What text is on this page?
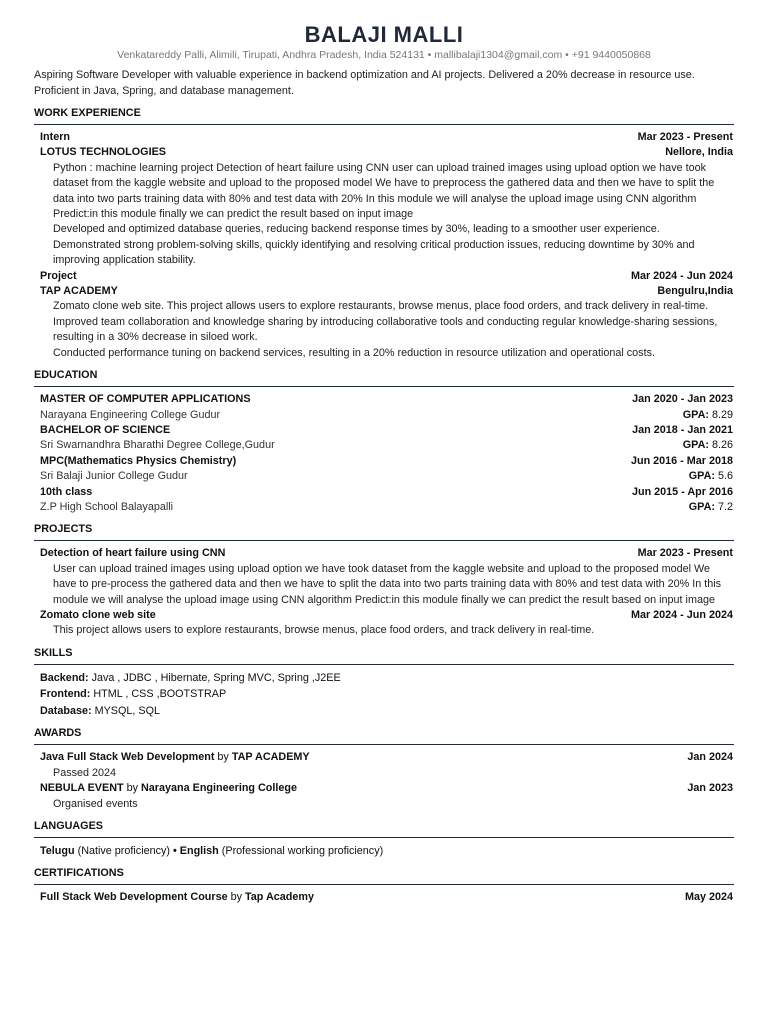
BALAJI MALLI
Venkatareddy Palli, Alimili, Tirupati, Andhra Pradesh, India 524131 • mallibalaji1304@gmail.com • +91 9440050868
Aspiring Software Developer with valuable experience in backend optimization and AI projects. Delivered a 20% decrease in resource use. Proficient in Java, Spring, and database management.
WORK EXPERIENCE
Intern	Mar 2023 - Present
LOTUS TECHNOLOGIES	Nellore, India
Python : machine learning project Detection of heart failure using CNN user can upload trained images using upload option we have took dataset from the kaggle website and upload to the proposed model We have to preprocess the gathered data and then we have to split the data into two parts training data with 80% and test data with 20% In this module we will analyse the upload image using CNN algorithm Predict:in this module finally we can predict the result based on input image
Developed and optimized database queries, reducing backend response times by 30%, leading to a smoother user experience.
Demonstrated strong problem-solving skills, quickly identifying and resolving critical production issues, reducing downtime by 30% and improving application stability.
Project	Mar 2024 - Jun 2024
TAP ACADEMY	Bengulru,India
Zomato clone web site. This project allows users to explore restaurants, browse menus, place food orders, and track delivery in real-time.
Improved team collaboration and knowledge sharing by introducing collaborative tools and conducting regular knowledge-sharing sessions, resulting in a 30% decrease in siloed work.
Conducted performance tuning on backend services, resulting in a 20% reduction in resource utilization and operational costs.
EDUCATION
MASTER OF COMPUTER APPLICATIONS	Jan 2020 - Jan 2023
Narayana Engineering College Gudur	GPA: 8.29
BACHELOR OF SCIENCE	Jan 2018 - Jan 2021
Sri Swarnandhra Bharathi Degree College,Gudur	GPA: 8.26
MPC(Mathematics Physics Chemistry)	Jun 2016 - Mar 2018
Sri Balaji Junior College Gudur	GPA: 5.6
10th class	Jun 2015 - Apr 2016
Z.P High School Balayapalli	GPA: 7.2
PROJECTS
Detection of heart failure using CNN	Mar 2023 - Present
User can upload trained images using upload option we have took dataset from the kaggle website and upload to the proposed model We have to pre-process the gathered data and then we have to split the data into two parts training data with 80% and test data with 20% In this module we will analyse the upload image using CNN algorithm Predict:in this module finally we can predict the result based on input image
Zomato clone web site	Mar 2024 - Jun 2024
This project allows users to explore restaurants, browse menus, place food orders, and track delivery in real-time.
SKILLS
Backend: Java , JDBC , Hibernate, Spring MVC, Spring ,J2EE
Frontend: HTML , CSS ,BOOTSTRAP
Database: MYSQL, SQL
AWARDS
Java Full Stack Web Development by TAP ACADEMY	Jan 2024
Passed 2024
NEBULA EVENT by Narayana Engineering College	Jan 2023
Organised events
LANGUAGES
Telugu (Native proficiency) • English (Professional working proficiency)
CERTIFICATIONS
Full Stack Web Development Course by Tap Academy	May 2024
